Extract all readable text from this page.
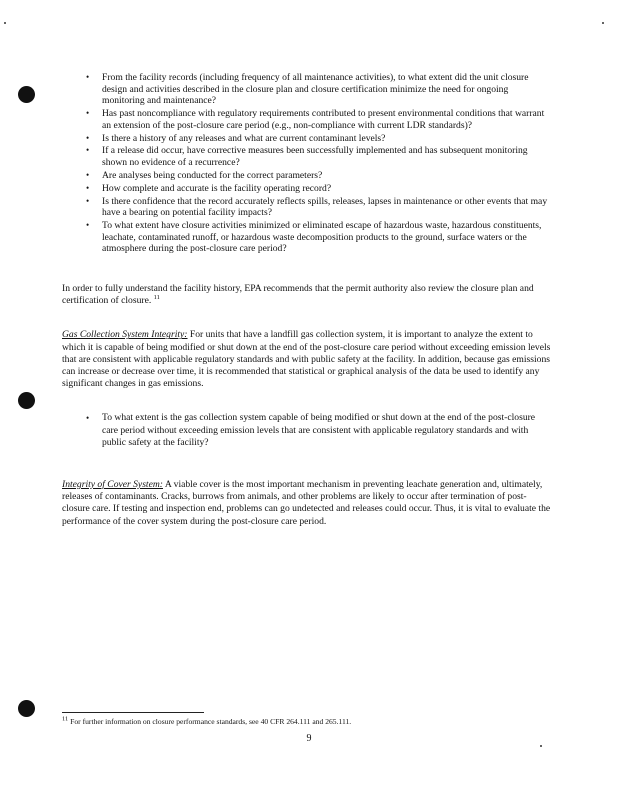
• From the facility records (including frequency of all maintenance activities), to what extent did the unit closure design and activities described in the closure plan and closure certification minimize the need for ongoing monitoring and maintenance?
• Has past noncompliance with regulatory requirements contributed to present environmental conditions that warrant an extension of the post-closure care period (e.g., non-compliance with current LDR standards)?
• Is there a history of any releases and what are current contaminant levels?
• If a release did occur, have corrective measures been successfully implemented and has subsequent monitoring shown no evidence of a recurrence?
• Are analyses being conducted for the correct parameters?
• How complete and accurate is the facility operating record?
• Is there confidence that the record accurately reflects spills, releases, lapses in maintenance or other events that may have a bearing on potential facility impacts?
• To what extent have closure activities minimized or eliminated escape of hazardous waste, hazardous constituents, leachate, contaminated runoff, or hazardous waste decomposition products to the ground, surface waters or the atmosphere during the post-closure care period?

In order to fully understand the facility history, EPA recommends that the permit authority also review the closure plan and certification of closure. $^{11}$

Gas Collection System Integrity: For units that have a landfill gas collection system, it is important to analyze the extent to which it is capable of being modified or shut down at the end of the post-closure care period without exceeding emission levels that are consistent with applicable regulatory standards and with public safety at the facility. In addition, because gas emissions can increase or decrease over time, it is recommended that statistical or graphical analysis of the data be used to identify any significant changes in gas emissions.

• To what extent is the gas collection system capable of being modified or shut down at the end of the post-closure care period without exceeding emission levels that are consistent with applicable regulatory standards and with public safety at the facility?

Integrity of Cover System: A viable cover is the most important mechanism in preventing leachate generation and, ultimately, releases of contaminants. Cracks, burrows from animals, and other problems are likely to occur after termination of post-closure care. If testing and inspection end, problems can go undetected and releases could occur. Thus, it is vital to evaluate the performance of the cover system during the post-closure care period.

$^{11}$ For further information on closure performance standards, see 40 CFR 264.111 and 265.111.
9
